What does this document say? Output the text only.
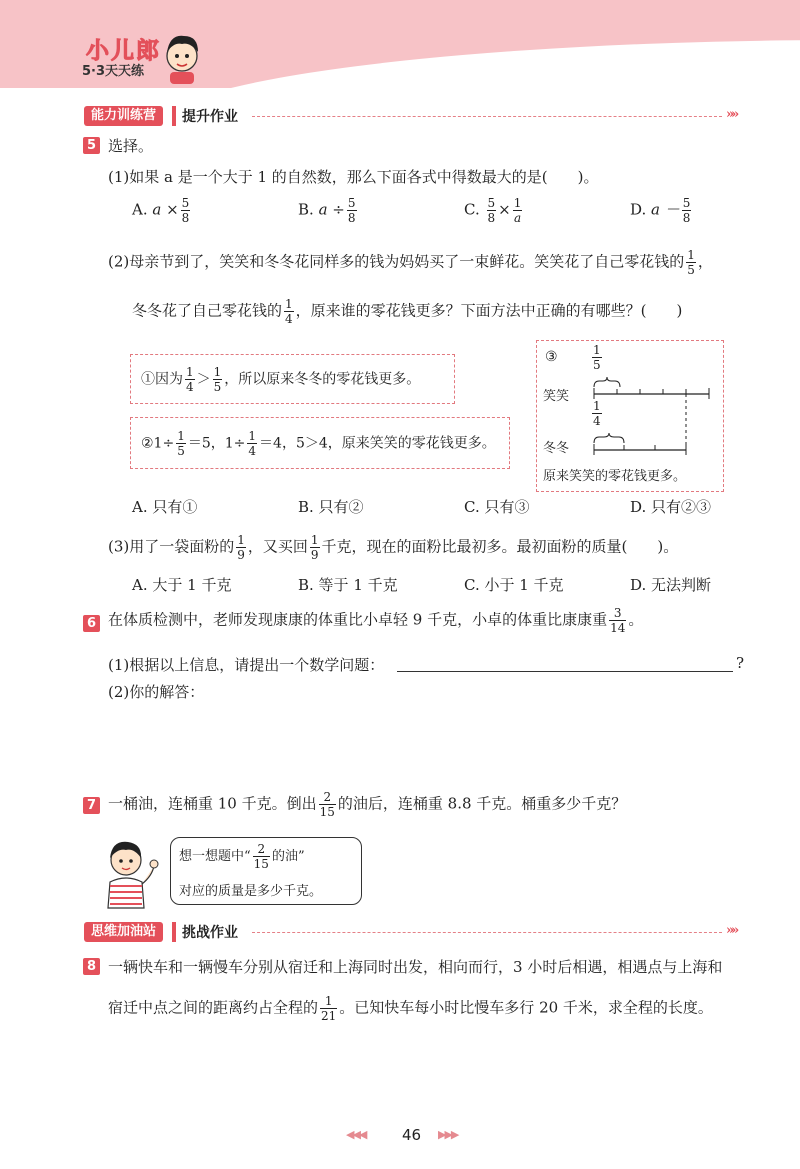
小儿郎
5·3天天练
能力训练营	提升作业	»»
5 选择。
(1)如果 a 是一个大于 1 的自然数，那么下面各式中得数最大的是(　　)。
A. $a \times \frac{5}{8}$	B. $a \div \frac{5}{8}$	C. $\frac{5}{8} \times \frac{1}{a}$	D. $a - \frac{5}{8}$
(2)母亲节到了，笑笑和冬冬花同样多的钱为妈妈买了一束鲜花。笑笑花了自己零花钱的 $\frac{1}{5}$ ，
冬冬花了自己零花钱的 $\frac{1}{4}$ ，原来谁的零花钱更多？下面方法中正确的有哪些？(　　)
①因为 $\frac{1}{4} > \frac{1}{5}$ ，所以原来冬冬的零花钱更多。
②1÷ $\frac{1}{5} =5$，$1\div \frac{1}{4} =4$，5＞4，原来笑笑的零花钱更多。
③	$\frac{1}{5}$
笑笑
$\frac{1}{4}$
冬冬
原来笑笑的零花钱更多。
A. 只有①	B. 只有②	C. 只有③	D. 只有②③
(3)用了一袋面粉的 $\frac{1}{9}$ ，又买回 $\frac{1}{9}$ 千克，现在的面粉比最初多。最初面粉的质量(　　)。
A. 大于 1 千克	B. 等于 1 千克	C. 小于 1 千克	D. 无法判断
6 在体质检测中，老师发现康康的体重比小卓轻 9 千克，小卓的体重比康康重 $\frac{3}{14}$ 。
(1)根据以上信息，请提出一个数学问题：	?
(2)你的解答：
7 一桶油，连桶重 10 千克。倒出 $\frac{2}{15}$ 的油后，连桶重 8.8 千克。桶重多少千克？
想一想题中“ $\frac{2}{15}$ 的油”
对应的质量是多少千克。
思维加油站	挑战作业	»»
8 一辆快车和一辆慢车分别从宿迁和上海同时出发，相向而行，3 小时后相遇，相遇点与上海和
宿迁中点之间的距离约占全程的 $\frac{1}{21}$ 。已知快车每小时比慢车多行 20 千米，求全程的长度。
◀◀◀ 46 ▶▶▶
